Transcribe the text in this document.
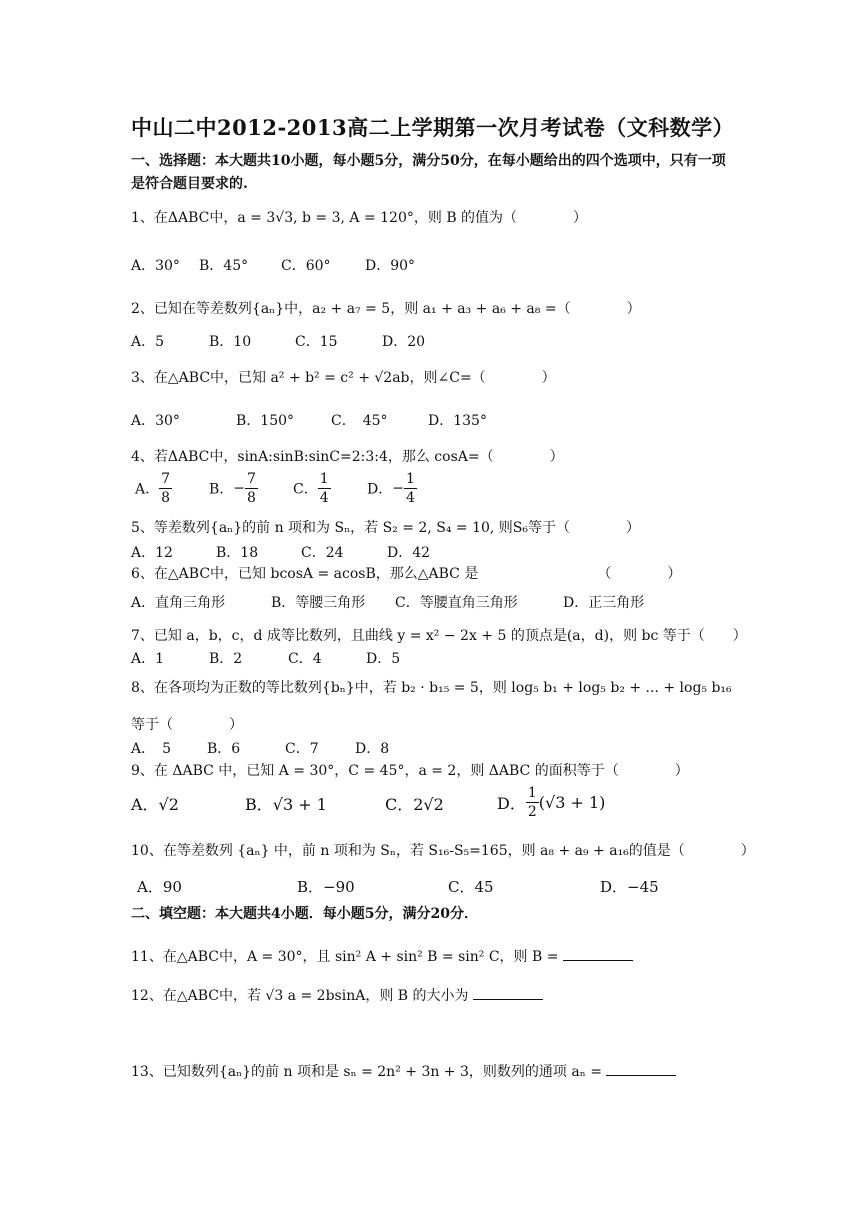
中山二中2012-2013高二上学期第一次月考试卷（文科数学）
一、选择题：本大题共10小题，每小题5分，满分50分，在每小题给出的四个选项中，只有一项是符合题目要求的.
1、在ΔABC中，a = 3√3, b = 3, A = 120°，则 B 的值为（　　　　）
A．30° B．45° C．60° D．90°
2、已知在等差数列{aₙ}中，a₂ + a₇ = 5，则 a₁ + a₃ + a₆ + a₈ =（　　　　）
A．5	B．10	C．15	D．20
3、在△ABC中，已知 a² + b² = c² + √2ab，则∠C=（　　　　）
A．30°	B．150°	C．　45°	D．135°
4、若ΔABC中，sinA:sinB:sinC=2:3:4，那么 cosA=（　　　　）
A． $\frac{7}{8}$	B．− $\frac{7}{8}$	C． $\frac{1}{4}$	D．− $\frac{1}{4}$
5、等差数列{aₙ}的前 n 项和为 Sₙ，若 S₂ = 2, S₄ = 10, 则S₆等于（　　　　）
A．12	B．18	C．24	D．42
6、在△ABC中，已知 bcosA = acosB，那么△ABC 是　　　　　　　　　（　　　　）
A．直角三角形	B．等腰三角形 C．等腰直角三角形	D．正三角形
7、已知 a，b，c，d 成等比数列，且曲线 y = x² − 2x + 5 的顶点是(a，d)，则 bc 等于（　　）
A．1	B．2	C．4	D．5
8、在各项均为正数的等比数列{bₙ}中，若 b₂ · b₁₅ = 5，则 log₅ b₁ + log₅ b₂ + ... + log₅ b₁₆
等于（　　　　）
A．　5	B．6	C．7	D．8
9、在 ΔABC 中，已知 A = 30°，C = 45°，a = 2，则 ΔABC 的面积等于（　　　　）
A．√2	B．√3 + 1	C．2√2	D． $\frac{1}{2} (√3 + 1)$
10、在等差数列 {aₙ} 中，前 n 项和为 Sₙ，若 S₁₆-S₅=165，则 a₈ + a₉ + a₁₆的值是（　　　　）
A．90	B．−90	C．45	D．−45
二、填空题：本大题共4小题．每小题5分，满分20分．
11、在△ABC中，A = 30°，且 sin² A + sin² B = sin² C，则 B =
12、在△ABC中，若 √3 a = 2bsinA，则 B 的大小为
13、已知数列{aₙ}的前 n 项和是 sₙ = 2n² + 3n + 3，则数列的通项 aₙ =
